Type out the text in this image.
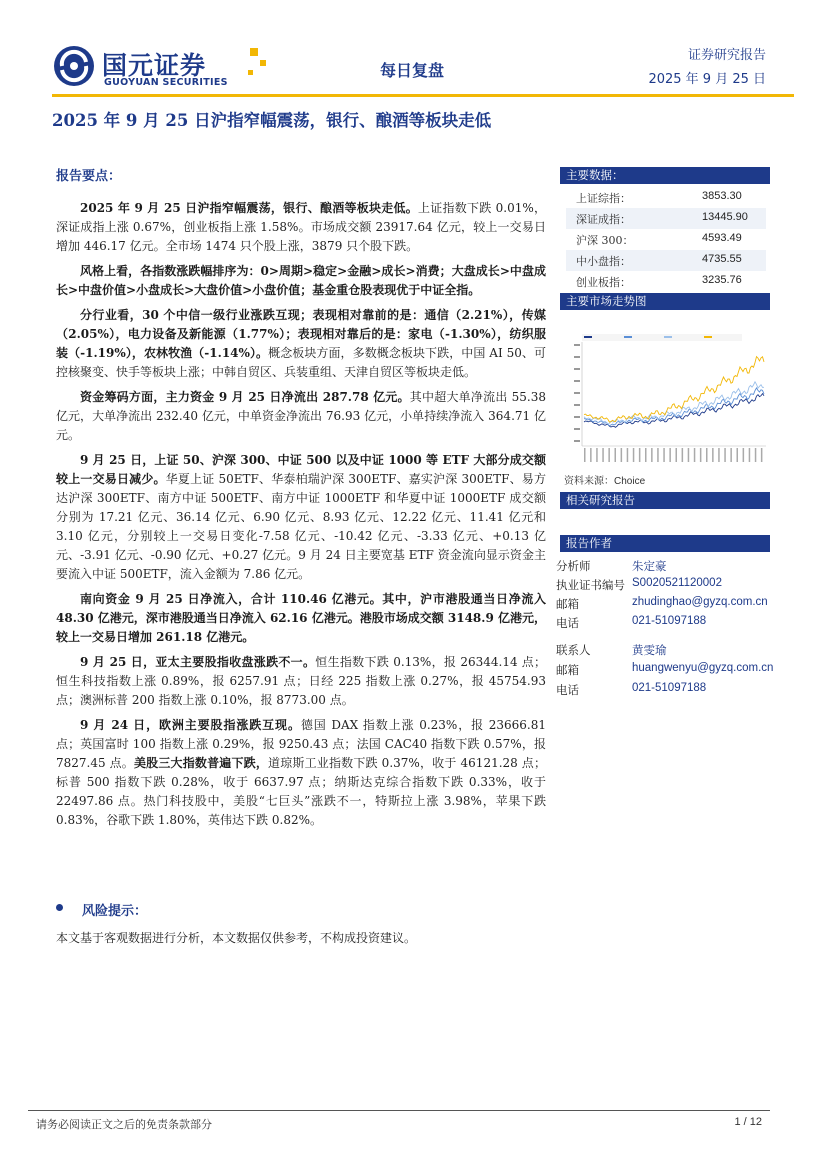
国元证券
GUOYUAN SECURITIES
每日复盘
证券研究报告
2025 年 9 月 25 日
2025 年 9 月 25 日沪指窄幅震荡，银行、酿酒等板块走低
报告要点：

2025 年 9 月 25 日沪指窄幅震荡，银行、酿酒等板块走低。上证指数下跌 0.01%，深证成指上涨 0.67%，创业板指上涨 1.58%。市场成交额 23917.64 亿元，较上一交易日增加 446.17 亿元。全市场 1474 只个股上涨，3879 只个股下跌。

风格上看，各指数涨跌幅排序为：0>周期>稳定>金融>成长>消费；大盘成长>中盘成长>中盘价值>小盘成长>大盘价值>小盘价值；基金重仓股表现优于中证全指。

分行业看，30 个中信一级行业涨跌互现；表现相对靠前的是：通信（2.21%），传媒（2.05%），电力设备及新能源（1.77%）；表现相对靠后的是：家电（-1.30%），纺织服装（-1.19%），农林牧渔（-1.14%）。概念板块方面，多数概念板块下跌，中国 AI 50、可控核聚变、快手等板块上涨；中韩自贸区、兵装重组、天津自贸区等板块走低。

资金筹码方面，主力资金 9 月 25 日净流出 287.78 亿元。其中超大单净流出 55.38 亿元，大单净流出 232.40 亿元，中单资金净流出 76.93 亿元，小单持续净流入 364.71 亿元。

9 月 25 日，上证 50、沪深 300、中证 500 以及中证 1000 等 ETF 大部分成交额较上一交易日减少。华夏上证 50ETF、华泰柏瑞沪深 300ETF、嘉实沪深 300ETF、易方达沪深 300ETF、南方中证 500ETF、南方中证 1000ETF 和华夏中证 1000ETF 成交额分别为 17.21 亿元、36.14 亿元、6.90 亿元、8.93 亿元、12.22 亿元、11.41 亿元和 3.10 亿元，分别较上一交易日变化-7.58 亿元、-10.42 亿元、-3.33 亿元、+0.13 亿元、-3.91 亿元、-0.90 亿元、+0.27 亿元。9 月 24 日主要宽基 ETF 资金流向显示资金主要流入中证 500ETF，流入金额为 7.86 亿元。

南向资金 9 月 25 日净流入，合计 110.46 亿港元。其中，沪市港股通当日净流入 48.30 亿港元，深市港股通当日净流入 62.16 亿港元。港股市场成交额 3148.9 亿港元，较上一交易日增加 261.18 亿港元。

9 月 25 日，亚太主要股指收盘涨跌不一。恒生指数下跌 0.13%，报 26344.14 点；恒生科技指数上涨 0.89%，报 6257.91 点；日经 225 指数上涨 0.27%，报 45754.93 点；澳洲标普 200 指数上涨 0.10%，报 8773.00 点。

9 月 24 日，欧洲主要股指涨跌互现。德国 DAX 指数上涨 0.23%，报 23666.81 点；英国富时 100 指数上涨 0.29%，报 9250.43 点；法国 CAC40 指数下跌 0.57%，报 7827.45 点。美股三大指数普遍下跌，道琼斯工业指数下跌 0.37%，收于 46121.28 点；标普 500 指数下跌 0.28%，收于 6637.97 点；纳斯达克综合指数下跌 0.33%，收于 22497.86 点。热门科技股中，美股“七巨头”涨跌不一，特斯拉上涨 3.98%，苹果下跌 0.83%，谷歌下跌 1.80%，英伟达下跌 0.82%。

风险提示：
本文基于客观数据进行分析，本文数据仅供参考，不构成投资建议。
主要数据：
上证综指：	3853.30
深证成指：	13445.90
沪深 300：	4593.49
中小盘指：	4735.55
创业板指：	3235.76
主要市场走势图
资料来源：Choice
相关研究报告
报告作者
分析师	朱定豪
执业证书编号 S0020521120002
邮箱	zhudinghao@gyzq.com.cn
电话	021-51097188
联系人	黄雯瑜
邮箱	huangwenyu@gyzq.com.cn
电话	021-51097188
请务必阅读正文之后的免责条款部分	1 / 12
